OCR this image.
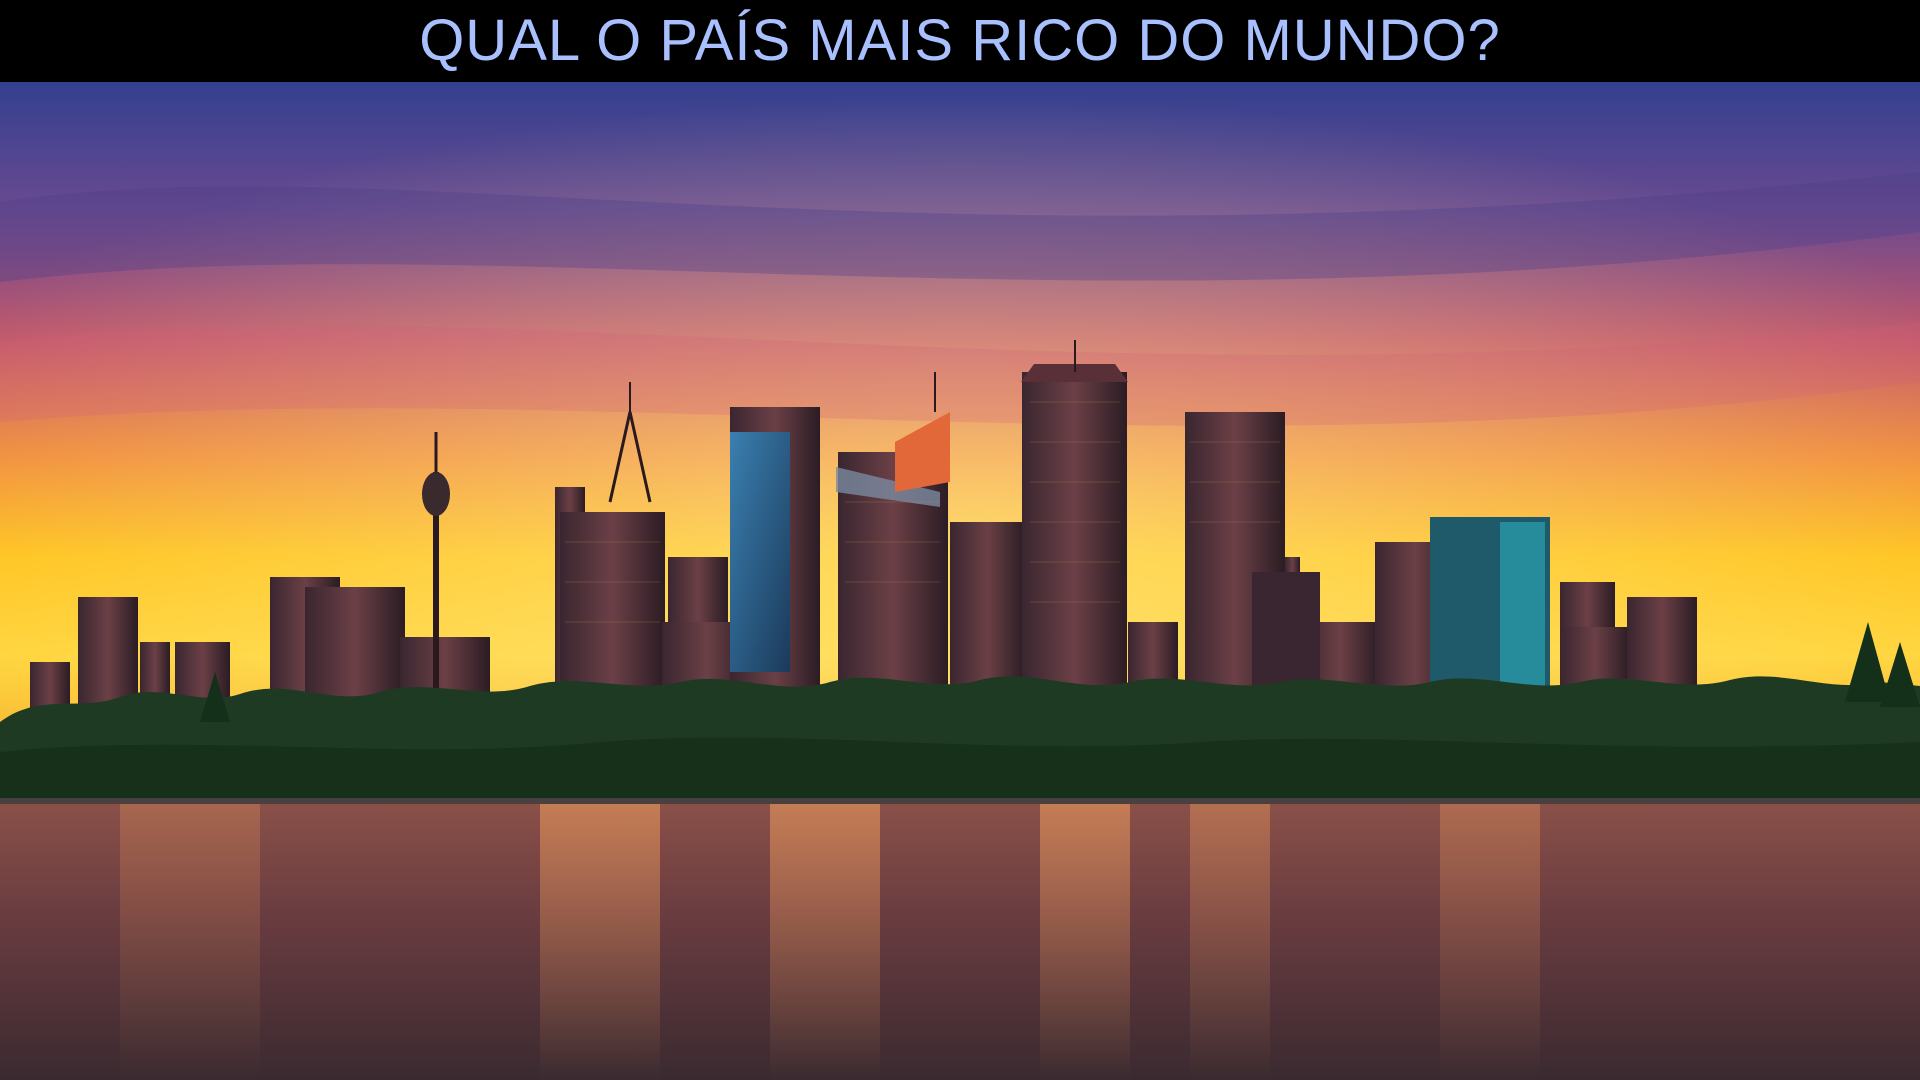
QUAL O PAÍS MAIS RICO DO MUNDO?
